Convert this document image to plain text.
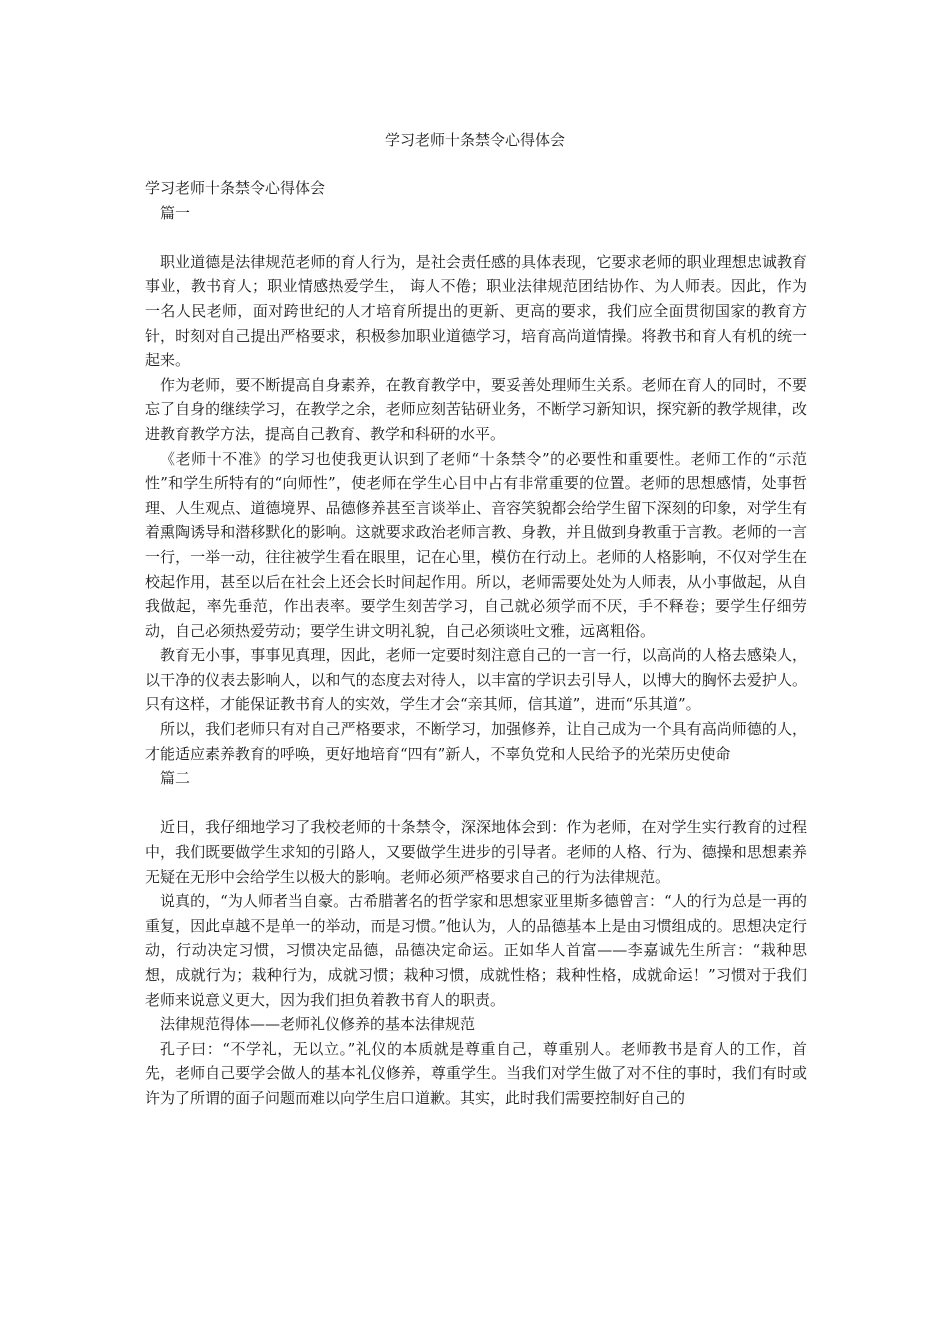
学习老师十条禁令心得体会

学习老师十条禁令心得体会

篇一

职业道德是法律规范老师的育人行为，是社会责任感的具体表现，它要求老师的职业理想忠诚教育事业，教书育人；职业情感热爱学生， 诲人不倦；职业法律规范团结协作、为人师表。因此，作为一名人民老师，面对跨世纪的人才培育所提出的更新、更高的要求，我们应全面贯彻国家的教育方针，时刻对自己提出严格要求，积极参加职业道德学习，培育高尚道情操。将教书和育人有机的统一起来。

作为老师，要不断提高自身素养，在教育教学中，要妥善处理师生关系。老师在育人的同时，不要忘了自身的继续学习，在教学之余，老师应刻苦钻研业务，不断学习新知识，探究新的教学规律，改进教育教学方法，提高自己教育、教学和科研的水平。

《老师十不准》的学习也使我更认识到了老师“十条禁令”的必要性和重要性。老师工作的“示范性”和学生所特有的“向师性”，使老师在学生心目中占有非常重要的位置。老师的思想感情，处事哲理、人生观点、道德境界、品德修养甚至言谈举止、音容笑貌都会给学生留下深刻的印象，对学生有着熏陶诱导和潜移默化的影响。这就要求政治老师言教、身教，并且做到身教重于言教。老师的一言一行，一举一动，往往被学生看在眼里，记在心里，模仿在行动上。老师的人格影响，不仅对学生在校起作用，甚至以后在社会上还会长时间起作用。所以，老师需要处处为人师表，从小事做起，从自我做起，率先垂范，作出表率。要学生刻苦学习，自己就必须学而不厌，手不释卷；要学生仔细劳动，自己必须热爱劳动；要学生讲文明礼貌，自己必须谈吐文雅，远离粗俗。

教育无小事，事事见真理，因此，老师一定要时刻注意自己的一言一行，以高尚的人格去感染人，以干净的仪表去影响人，以和气的态度去对待人，以丰富的学识去引导人，以博大的胸怀去爱护人。只有这样，才能保证教书育人的实效，学生才会“亲其师，信其道”，进而“乐其道”。

所以，我们老师只有对自己严格要求，不断学习，加强修养，让自己成为一个具有高尚师德的人，才能适应素养教育的呼唤，更好地培育“四有”新人，不辜负党和人民给予的光荣历史使命

篇二

近日，我仔细地学习了我校老师的十条禁令，深深地体会到：作为老师，在对学生实行教育的过程中，我们既要做学生求知的引路人，又要做学生进步的引导者。老师的人格、行为、德操和思想素养无疑在无形中会给学生以极大的影响。老师必须严格要求自己的行为法律规范。

说真的，“为人师者当自豪。古希腊著名的哲学家和思想家亚里斯多德曾言：“人的行为总是一再的重复，因此卓越不是单一的举动，而是习惯。”他认为，人的品德基本上是由习惯组成的。思想决定行动，行动决定习惯，习惯决定品德，品德决定命运。正如华人首富——李嘉诚先生所言：“栽种思想，成就行为；栽种行为，成就习惯；栽种习惯，成就性格；栽种性格，成就命运！”习惯对于我们老师来说意义更大，因为我们担负着教书育人的职责。

法律规范得体——老师礼仪修养的基本法律规范

孔子曰：“不学礼，无以立。”礼仪的本质就是尊重自己，尊重别人。老师教书是育人的工作，首先，老师自己要学会做人的基本礼仪修养，尊重学生。当我们对学生做了对不住的事时，我们有时或许为了所谓的面子问题而难以向学生启口道歉。其实，此时我们需要控制好自己的
